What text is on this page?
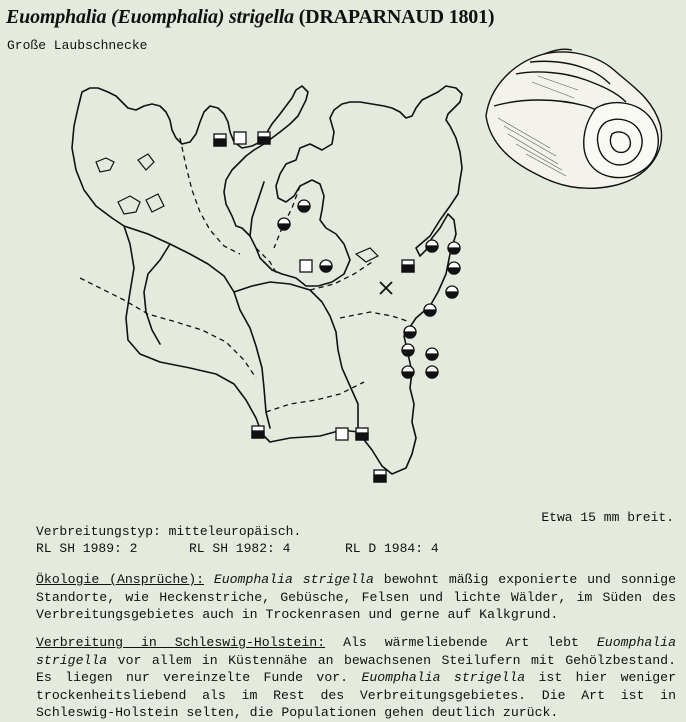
Euomphalia (Euomphalia) strigella (DRAPARNAUD 1801)
Große Laubschnecke
Etwa 15 mm breit.
Verbreitungstyp: mitteleuropäisch.
RL SH 1989: 2	RL SH 1982: 4	RL D 1984: 4

Ökologie (Ansprüche): Euomphalia strigella bewohnt mäßig exponierte und sonnige Standorte, wie Heckenstriche, Gebüsche, Felsen und lichte Wälder, im Süden des Verbreitungsgebietes auch in Trockenrasen und gerne auf Kalkgrund.

Verbreitung in Schleswig-Holstein: Als wärmeliebende Art lebt Euomphalia strigella vor allem in Küstennähe an bewachsenen Steilufern mit Gehölzbestand. Es liegen nur vereinzelte Funde vor. Euomphalia strigella ist hier weniger trockenheitsliebend als im Rest des Verbreitungsgebietes. Die Art ist in Schleswig-Holstein selten, die Populationen gehen deutlich zurück.
